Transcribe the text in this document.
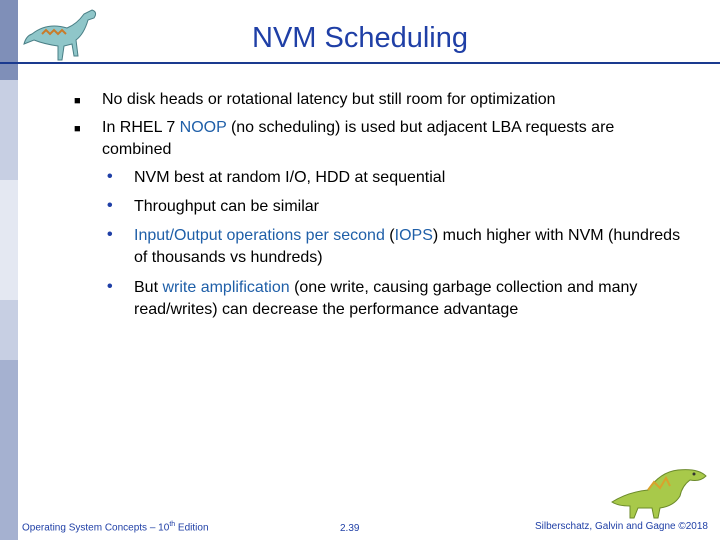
NVM Scheduling
■ No disk heads or rotational latency but still room for optimization
■ In RHEL 7 NOOP (no scheduling) is used but adjacent LBA requests are combined
• NVM best at random I/O, HDD at sequential
• Throughput can be similar
• Input/Output operations per second (IOPS) much higher with NVM (hundreds of thousands vs hundreds)
• But write amplification (one write, causing garbage collection and many read/writes) can decrease the performance advantage
Operating System Concepts – 10th Edition	2.39	Silberschatz, Galvin and Gagne ©2018
